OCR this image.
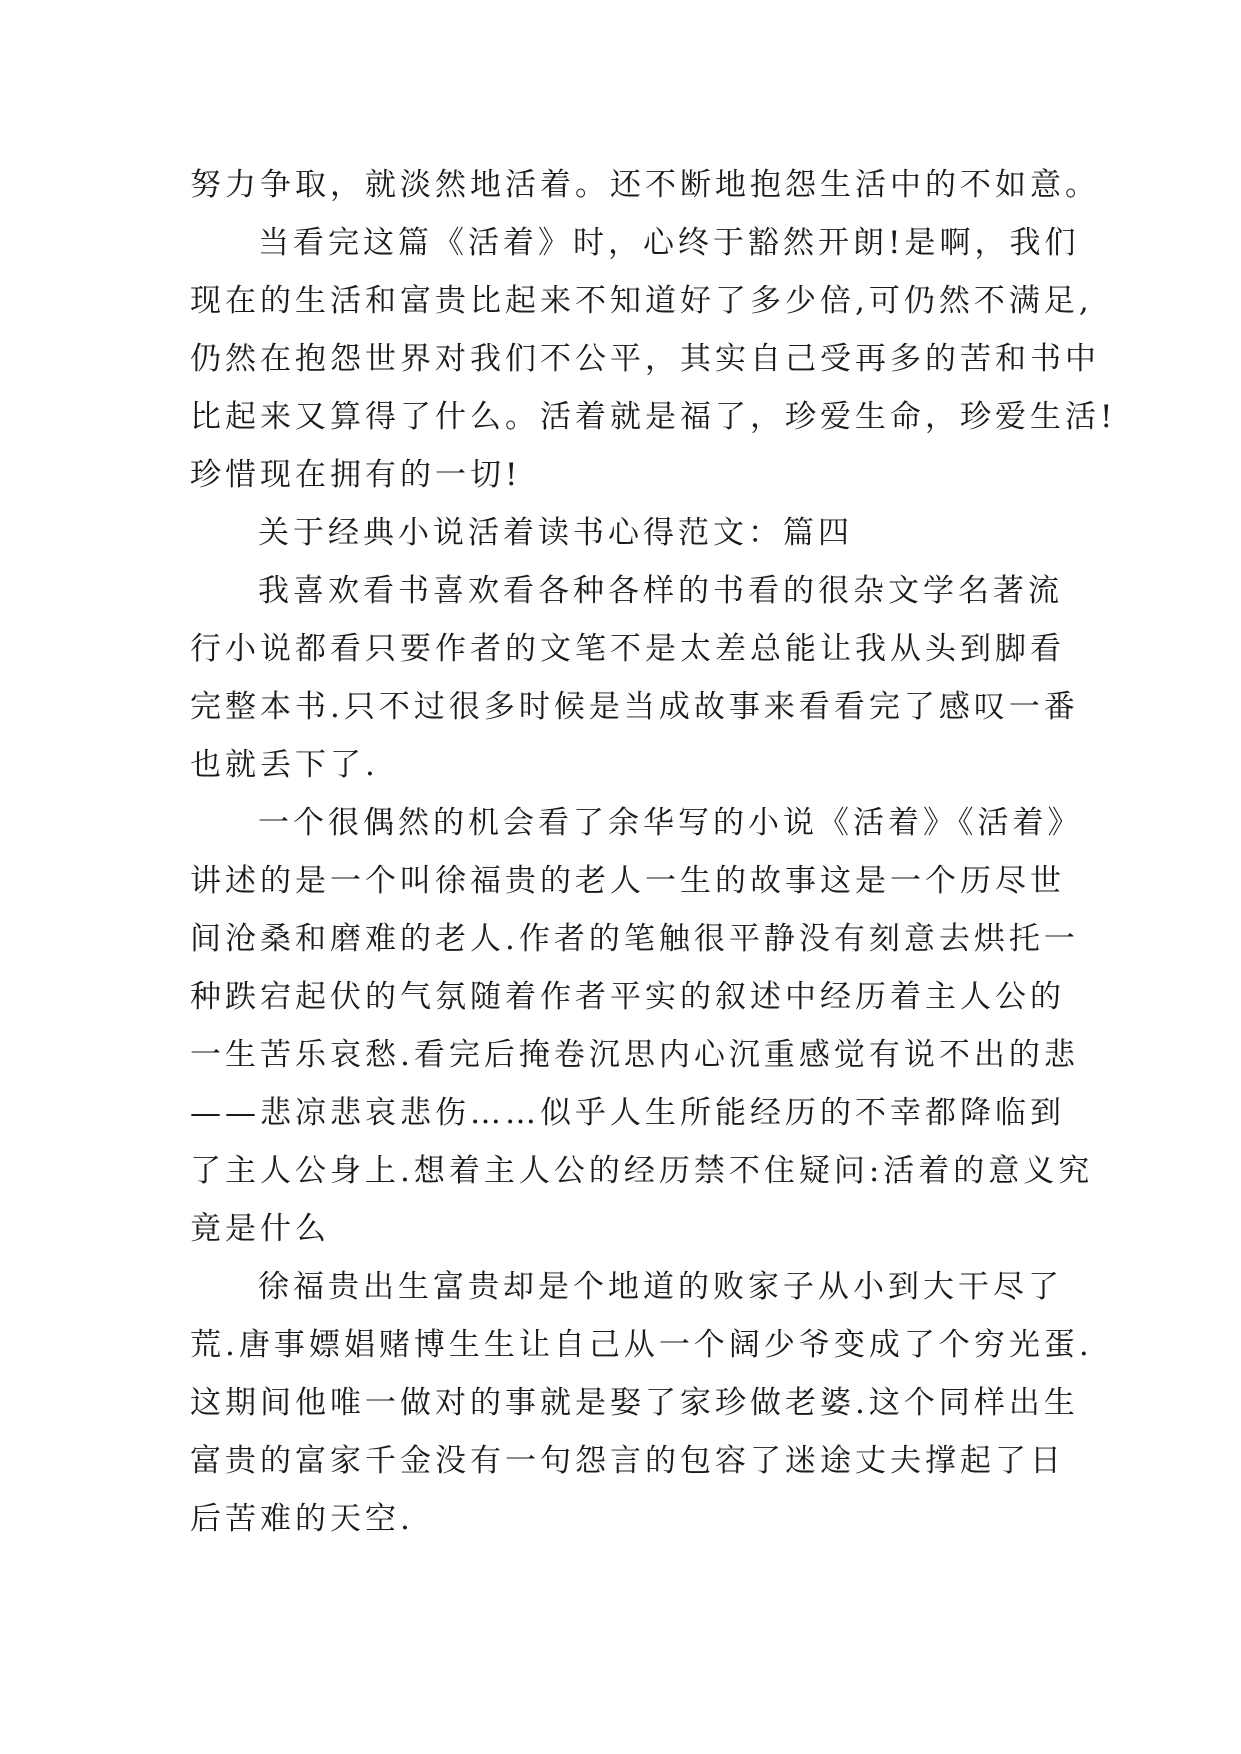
努力争取，就淡然地活着。还不断地抱怨生活中的不如意。
当看完这篇《活着》时，心终于豁然开朗!是啊，我们
现在的生活和富贵比起来不知道好了多少倍,可仍然不满足,
仍然在抱怨世界对我们不公平，其实自己受再多的苦和书中
比起来又算得了什么。活着就是福了，珍爱生命，珍爱生活!
珍惜现在拥有的一切!
关于经典小说活着读书心得范文：篇四
我喜欢看书喜欢看各种各样的书看的很杂文学名著流
行小说都看只要作者的文笔不是太差总能让我从头到脚看
完整本书.只不过很多时候是当成故事来看看完了感叹一番
也就丢下了.
一个很偶然的机会看了余华写的小说《活着》《活着》
讲述的是一个叫徐福贵的老人一生的故事这是一个历尽世
间沧桑和磨难的老人.作者的笔触很平静没有刻意去烘托一
种跌宕起伏的气氛随着作者平实的叙述中经历着主人公的
一生苦乐哀愁.看完后掩卷沉思内心沉重感觉有说不出的悲
——悲凉悲哀悲伤……似乎人生所能经历的不幸都降临到
了主人公身上.想着主人公的经历禁不住疑问:活着的意义究
竟是什么
徐福贵出生富贵却是个地道的败家子从小到大干尽了
荒.唐事嫖娼赌博生生让自己从一个阔少爷变成了个穷光蛋.
这期间他唯一做对的事就是娶了家珍做老婆.这个同样出生
富贵的富家千金没有一句怨言的包容了迷途丈夫撑起了日
后苦难的天空.
